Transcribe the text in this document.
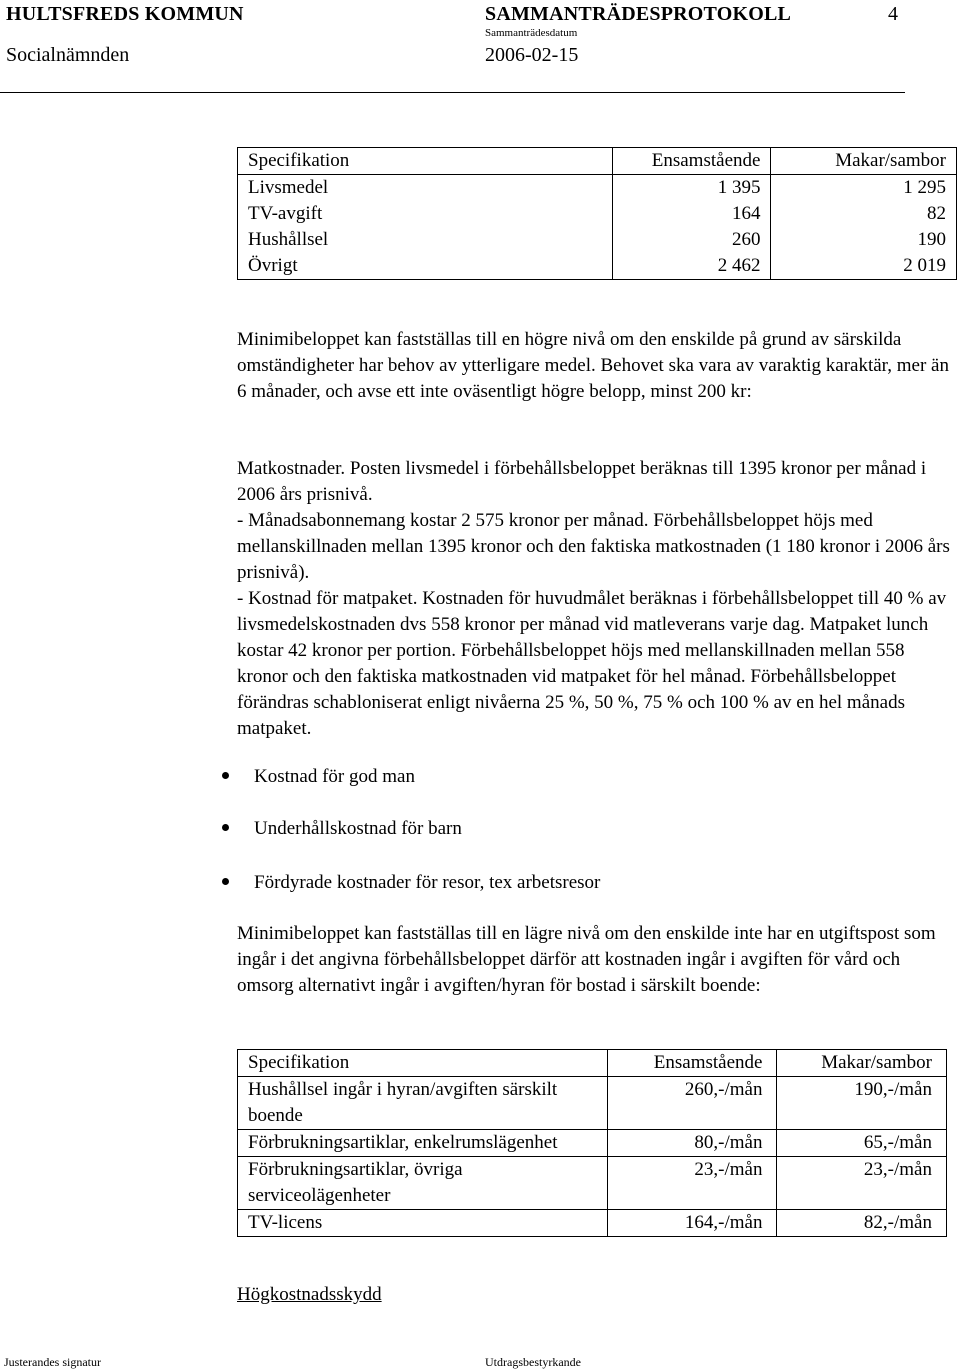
HULTSFREDS KOMMUN
Socialnämnden
SAMMANTRÄDESPROTOKOLL
Sammanträdesdatum
2006-02-15
4
Specifikation	Ensamstående	Makar/sambor
Livsmedel	1 395	1 295
TV-avgift	164	82
Hushållsel	260	190
Övrigt	2 462	2 019

Minimibeloppet kan fastställas till en högre nivå om den enskilde på grund av särskilda omständigheter har behov av ytterligare medel. Behovet ska vara av varaktig karaktär, mer än 6 månader, och avse ett inte oväsentligt högre belopp, minst 200 kr:

Matkostnader. Posten livsmedel i förbehållsbeloppet beräknas till 1395 kronor per månad i 2006 års prisnivå.

- Månadsabonnemang kostar 2 575 kronor per månad. Förbehållsbeloppet höjs med mellanskillnaden mellan 1395 kronor och den faktiska matkostnaden (1 180 kronor i 2006 års prisnivå).

- Kostnad för matpaket. Kostnaden för huvudmålet beräknas i förbehållsbeloppet till 40 % av livsmedelskostnaden dvs 558 kronor per månad vid matleverans varje dag. Matpaket lunch kostar 42 kronor per portion. Förbehållsbeloppet höjs med mellanskillnaden mellan 558 kronor och den faktiska matkostnaden vid matpaket för hel månad. Förbehållsbeloppet förändras schabloniserat enligt nivåerna 25 %, 50 %, 75 % och 100 % av en hel månads matpaket.

Kostnad för god man
Underhållskostnad för barn
Fördyrade kostnader för resor, tex arbetsresor

Minimibeloppet kan fastställas till en lägre nivå om den enskilde inte har en utgiftspost som ingår i det angivna förbehållsbeloppet därför att kostnaden ingår i avgiften för vård och omsorg alternativt ingår i avgiften/hyran för bostad i särskilt boende:

Specifikation	Ensamstående	Makar/sambor
Hushållsel ingår i hyran/avgiften särskilt boende	260,-/mån	190,-/mån
Förbrukningsartiklar, enkelrumslägenhet	80,-/mån	65,-/mån
Förbrukningsartiklar, övriga serviceolägenheter	23,-/mån	23,-/mån
TV-licens	164,-/mån	82,-/mån
Högkostnadsskydd
Justerandes signatur	Utdragsbestyrkande
